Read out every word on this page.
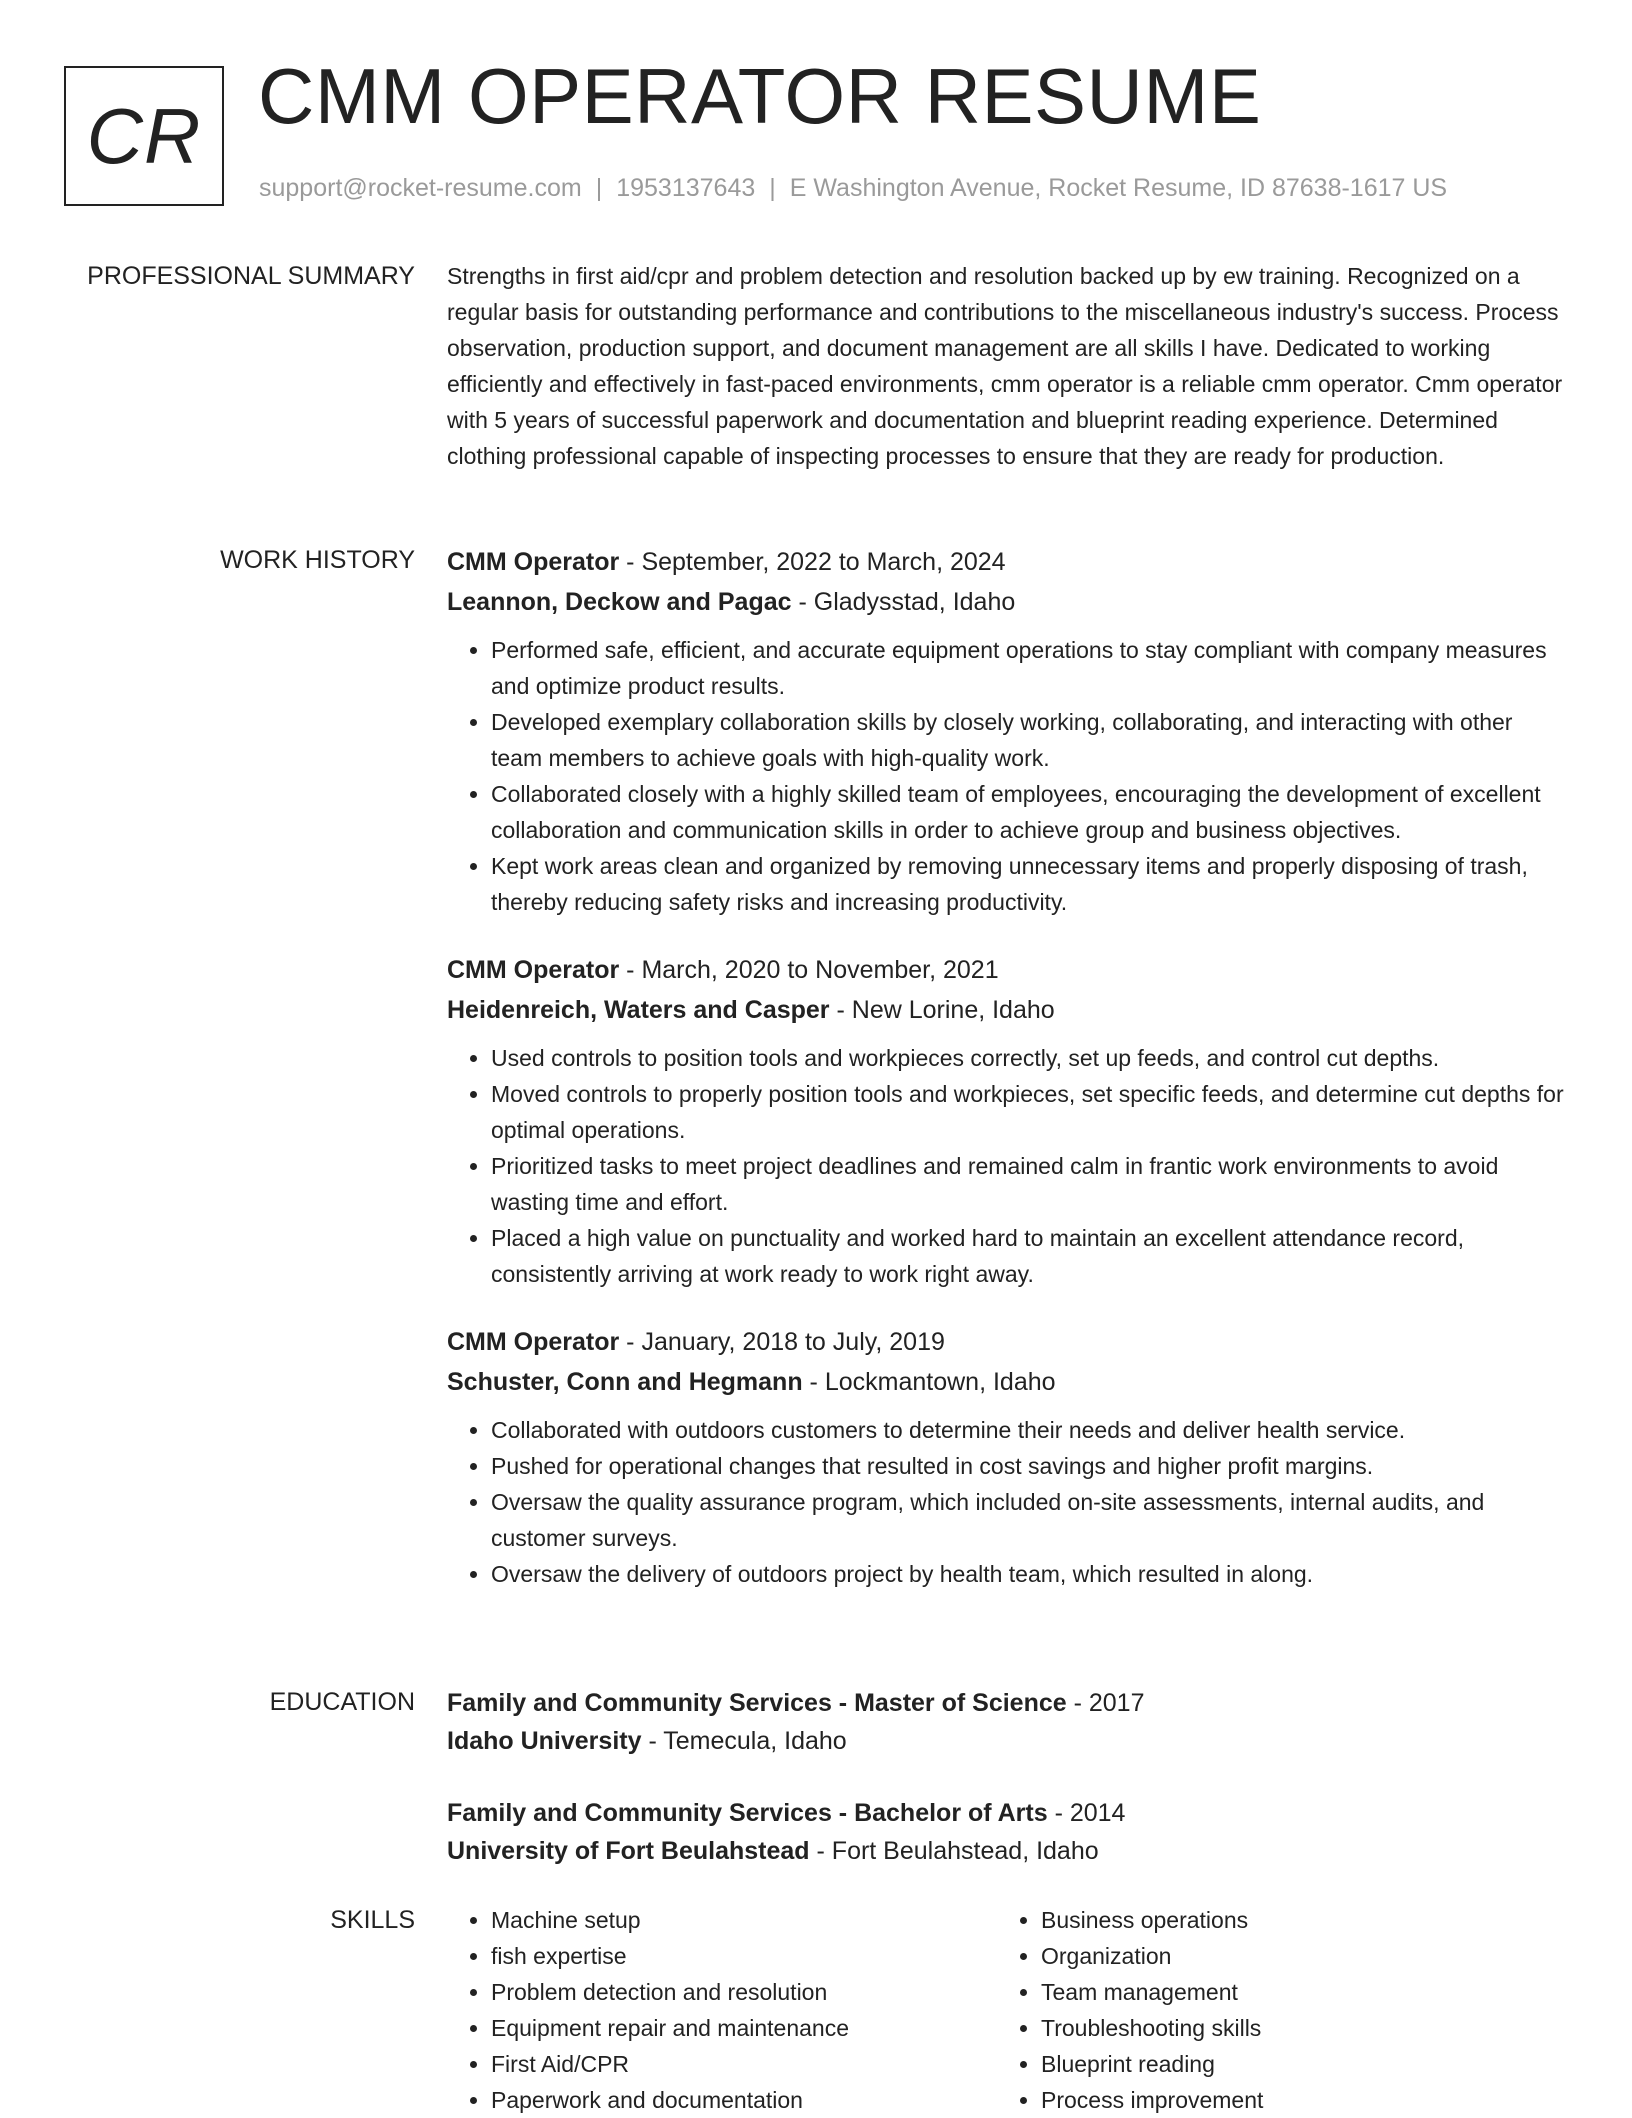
CR CMM OPERATOR RESUME
support@rocket-resume.com | 1953137643 | E Washington Avenue, Rocket Resume, ID 87638-1617 US
PROFESSIONAL SUMMARY Strengths in first aid/cpr and problem detection and resolution backed up by ew training. Recognized on a regular basis for outstanding performance and contributions to the miscellaneous industry's success. Process observation, production support, and document management are all skills I have. Dedicated to working efficiently and effectively in fast-paced environments, cmm operator is a reliable cmm operator. Cmm operator with 5 years of successful paperwork and documentation and blueprint reading experience. Determined clothing professional capable of inspecting processes to ensure that they are ready for production.

WORK HISTORY CMM Operator - September, 2022 to March, 2024
Leannon, Deckow and Pagac - Gladysstad, Idaho
• Performed safe, efficient, and accurate equipment operations to stay compliant with company measures and optimize product results.
• Developed exemplary collaboration skills by closely working, collaborating, and interacting with other team members to achieve goals with high-quality work.
• Collaborated closely with a highly skilled team of employees, encouraging the development of excellent collaboration and communication skills in order to achieve group and business objectives.
• Kept work areas clean and organized by removing unnecessary items and properly disposing of trash, thereby reducing safety risks and increasing productivity.
CMM Operator - March, 2020 to November, 2021
Heidenreich, Waters and Casper - New Lorine, Idaho
• Used controls to position tools and workpieces correctly, set up feeds, and control cut depths.
• Moved controls to properly position tools and workpieces, set specific feeds, and determine cut depths for optimal operations.
• Prioritized tasks to meet project deadlines and remained calm in frantic work environments to avoid wasting time and effort.
• Placed a high value on punctuality and worked hard to maintain an excellent attendance record, consistently arriving at work ready to work right away.
CMM Operator - January, 2018 to July, 2019
Schuster, Conn and Hegmann - Lockmantown, Idaho
• Collaborated with outdoors customers to determine their needs and deliver health service.
• Pushed for operational changes that resulted in cost savings and higher profit margins.
• Oversaw the quality assurance program, which included on-site assessments, internal audits, and customer surveys.
• Oversaw the delivery of outdoors project by health team, which resulted in along.
EDUCATION Family and Community Services - Master of Science - 2017
Idaho University - Temecula, Idaho
Family and Community Services - Bachelor of Arts - 2014
University of Fort Beulahstead - Fort Beulahstead, Idaho
SKILLS
•	Machine setup
• fish expertise
• Problem detection and resolution
• Equipment repair and maintenance
• First Aid/CPR
• Paperwork and documentation
• Business operations
• Organization
• Team management
• Troubleshooting skills
• Blueprint reading
• Process improvement
